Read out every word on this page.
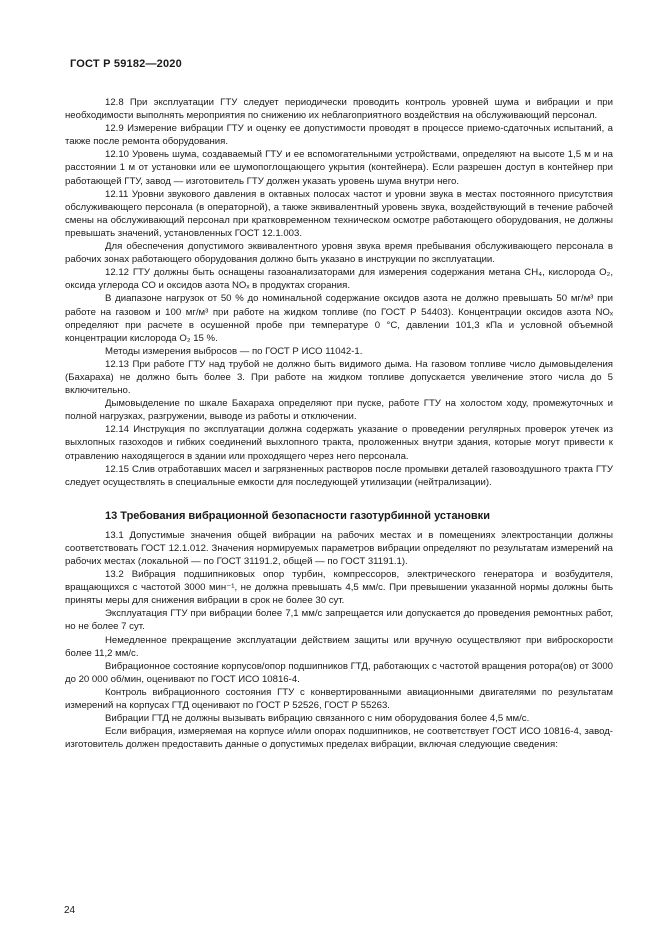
ГОСТ Р 59182—2020

12.8 При эксплуатации ГТУ следует периодически проводить контроль уровней шума и вибрации и при необходимости выполнять мероприятия по снижению их неблагоприятного воздействия на обслуживающий персонал.

12.9 Измерение вибрации ГТУ и оценку ее допустимости проводят в процессе приемо-сдаточных испытаний, а также после ремонта оборудования.

12.10 Уровень шума, создаваемый ГТУ и ее вспомогательными устройствами, определяют на высоте 1,5 м и на расстоянии 1 м от установки или ее шумопоглощающего укрытия (контейнера). Если разрешен доступ в контейнер при работающей ГТУ, завод — изготовитель ГТУ должен указать уровень шума внутри него.

12.11 Уровни звукового давления в октавных полосах частот и уровни звука в местах постоянного присутствия обслуживающего персонала (в операторной), а также эквивалентный уровень звука, воздействующий в течение рабочей смены на обслуживающий персонал при кратковременном техническом осмотре работающего оборудования, не должны превышать значений, установленных ГОСТ 12.1.003.

Для обеспечения допустимого эквивалентного уровня звука время пребывания обслуживающего персонала в рабочих зонах работающего оборудования должно быть указано в инструкции по эксплуатации.

12.12 ГТУ должны быть оснащены газоанализаторами для измерения содержания метана CH₄, кислорода O₂, оксида углерода CO и оксидов азота NOₓ в продуктах сгорания.

В диапазоне нагрузок от 50 % до номинальной содержание оксидов азота не должно превышать 50 мг/м³ при работе на газовом и 100 мг/м³ при работе на жидком топливе (по ГОСТ Р 54403). Концентрации оксидов азота NOₓ определяют при расчете в осушенной пробе при температуре 0 °C, давлении 101,3 кПа и условной объемной концентрации кислорода O₂ 15 %.

Методы измерения выбросов — по ГОСТ Р ИСО 11042-1.

12.13 При работе ГТУ над трубой не должно быть видимого дыма. На газовом топливе число дымовыделения (Бахараха) не должно быть более 3. При работе на жидком топливе допускается увеличение этого числа до 5 включительно.

Дымовыделение по шкале Бахараха определяют при пуске, работе ГТУ на холостом ходу, промежуточных и полной нагрузках, разгружении, выводе из работы и отключении.

12.14 Инструкция по эксплуатации должна содержать указание о проведении регулярных проверок утечек из выхлопных газоходов и гибких соединений выхлопного тракта, проложенных внутри здания, которые могут привести к отравлению находящегося в здании или проходящего через него персонала.

12.15 Слив отработавших масел и загрязненных растворов после промывки деталей газовоздушного тракта ГТУ следует осуществлять в специальные емкости для последующей утилизации (нейтрализации).

13 Требования вибрационной безопасности газотурбинной установки

13.1 Допустимые значения общей вибрации на рабочих местах и в помещениях электростанции должны соответствовать ГОСТ 12.1.012. Значения нормируемых параметров вибрации определяют по результатам измерений на рабочих местах (локальной — по ГОСТ 31191.2, общей — по ГОСТ 31191.1).

13.2 Вибрация подшипниковых опор турбин, компрессоров, электрического генератора и возбудителя, вращающихся с частотой 3000 мин⁻¹, не должна превышать 4,5 мм/с. При превышении указанной нормы должны быть приняты меры для снижения вибрации в срок не более 30 сут.

Эксплуатация ГТУ при вибрации более 7,1 мм/с запрещается или допускается до проведения ремонтных работ, но не более 7 сут.

Немедленное прекращение эксплуатации действием защиты или вручную осуществляют при виброскорости более 11,2 мм/с.

Вибрационное состояние корпусов/опор подшипников ГТД, работающих с частотой вращения ротора(ов) от 3000 до 20 000 об/мин, оценивают по ГОСТ ИСО 10816-4.

Контроль вибрационного состояния ГТУ с конвертированными авиационными двигателями по результатам измерений на корпусах ГТД оценивают по ГОСТ Р 52526, ГОСТ Р 55263.

Вибрации ГТД не должны вызывать вибрацию связанного с ним оборудования более 4,5 мм/с.

Если вибрация, измеряемая на корпусе и/или опорах подшипников, не соответствует ГОСТ ИСО 10816-4, завод-изготовитель должен предоставить данные о допустимых пределах вибрации, включая следующие сведения:

24
